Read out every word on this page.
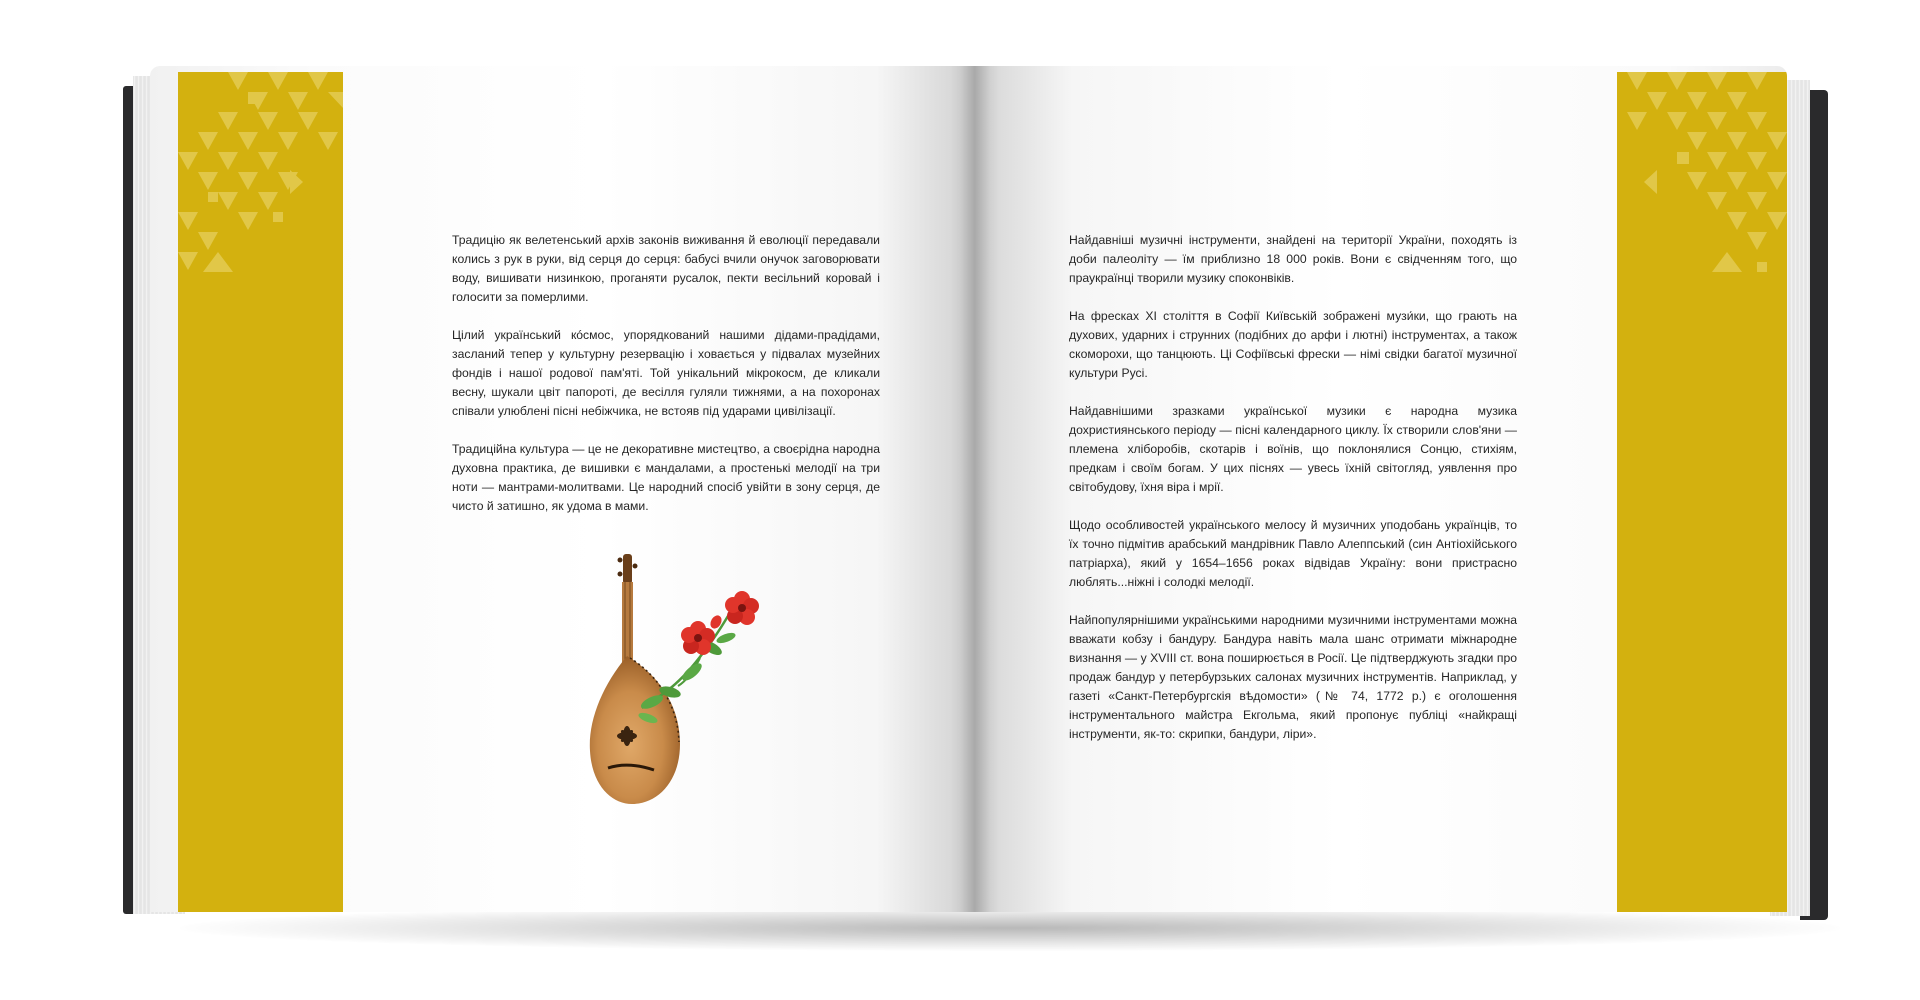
Традицію як велетенський архів законів виживання й еволюції передавали колись з рук в руки, від серця до серця: бабусі вчили онучок заговорювати воду, вишивати низинкою, проганяти русалок, пекти весільний коровай і голосити за померлими.

Цілий український кóсмос, упорядкований нашими дідами-прадідами, засланий тепер у культурну резервацію і ховається у підвалах музейних фондів і нашої родової пам'яті. Той унікальний мікрокосм, де кликали весну, шукали цвіт папороті, де весілля гуляли тижнями, а на похоронах співали улюблені пісні небіжчика, не встояв під ударами цивілізації.

Традиційна культура — це не декоративне мистецтво, а своєрідна народна духовна практика, де вишивки є мандалами, а простенькі мелодії на три ноти — мантрами-молитвами. Це народний спосіб увійти в зону серця, де чисто й затишно, як удома в мами.

Найдавніші музичні інструменти, знайдені на території України, походять із доби палеоліту — їм приблизно 18 000 років. Вони є свідченням того, що праукраїнці творили музику споконвіків.

На фресках XI століття в Софії Київській зображені музи́ки, що грають на духових, ударних і струнних (подібних до арфи і лютні) інструментах, а також скоморохи, що танцюють. Ці Софіївські фрески — німі свідки багатої музичної культури Русі.

Найдавнішими зразками української музики є народна музика дохристиянського періоду — пісні календарного циклу. Їх створили слов'яни — племена хліборобів, скотарів і воїнів, що поклонялися Сонцю, стихіям, предкам і своїм богам. У цих піснях — увесь їхній світогляд, уявлення про світобудову, їхня віра і мрії.

Щодо особливостей українського мелосу й музичних уподобань українців, то їх точно підмітив арабський мандрівник Павло Алеппський (син Антіохійського патріарха), який у 1654–1656 роках відвідав Україну: вони пристрасно люблять...ніжні і солодкі мелодії.

Найпопулярнішими українськими народними музичними інструментами можна вважати кобзу і бандуру. Бандура навіть мала шанс отримати міжнародне визнання — у XVIII ст. вона поширюється в Росії. Це підтверджують згадки про продаж бандур у петербурзьких салонах музичних інструментів. Наприклад, у газеті «Санкт-Петербургскія вѣдомости» (№ 74, 1772 р.) є оголошення інструментального майстра Екгольма, який пропонує публіці «найкращі інструменти, як-то: скрипки, бандури, ліри».
